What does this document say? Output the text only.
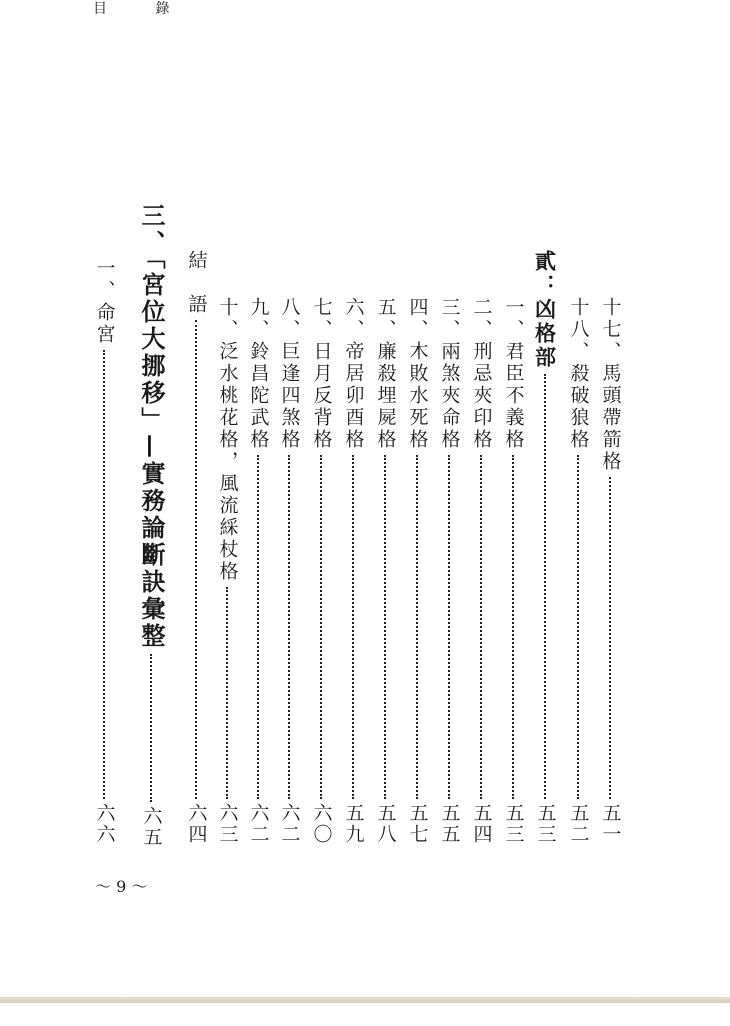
目 錄
十七、馬頭帶箭格
五一
十八、殺破狼格
五二
貳：凶格部
五三
一、君臣不義格
五三
二、刑忌夾印格
五四
三、兩煞夾命格
五五
四、木敗水死格
五七
五、廉殺埋屍格
五八
六、帝居卯酉格
五九
七、日月反背格
六〇
八、巨逢四煞格
六二
九、鈴昌陀武格
六二
十、泛水桃花格，風流綵杖格
六三
結　語
六四
三、「宮位大挪移」—實務論斷訣彙整
六五
一、命宮
六六
～ 9 ～
